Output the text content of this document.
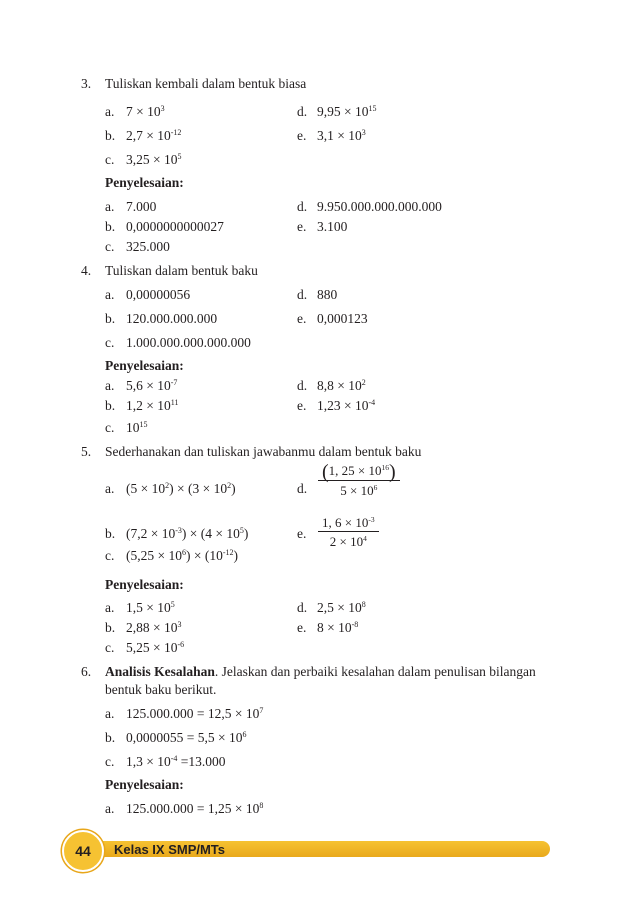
3. Tuliskan kembali dalam bentuk biasa
a. $7 \times 10^3$	d. $9,95 \times 10^{15}$
b. $2,7 \times 10^{-12}$	e. $3,1 \times 10^3$
c. $3,25 \times 10^5$
Penyelesaian:
a. 7.000	d. 9.950.000.000.000.000
b. 0,0000000000027	e. 3.100
c. 325.000
4. Tuliskan dalam bentuk baku
a. 0,00000056	d. 880
b. 120.000.000.000	e. 0,000123
c. 1.000.000.000.000.000
Penyelesaian:
a. $5,6 \times 10^{-7}$	d. $8,8 \times 10^2$
b. $1,2 \times 10^{11}$	e. $1,23 \times 10^{-4}$
c. $10^{15}$
5. Sederhanakan dan tuliskan jawabanmu dalam bentuk baku
a. $(5 \times 10^2) \times (3 \times 10^2)$	d. $\frac{(1, 25 \times 10^{16})}{5 \times 10^6}$
b. $(7,2 \times 10^{-3}) \times (4 \times 10^5)$	e. $\frac{1, 6 \times 10^{-3}}{2 \times 10^4}$
c. $(5,25 \times 10^6) \times (10^{-12})$
Penyelesaian:
a. $1,5 \times 10^5$	d. $2,5 \times 10^8$
b. $2,88 \times 10^3$	e. $8 \times 10^{-8}$
c. $5,25 \times 10^{-6}$
6. Analisis Kesalahan. Jelaskan dan perbaiki kesalahan dalam penulisan bilangan
bentuk baku berikut.
a. $125.000.000 = 12,5 \times 10^7$
b. $0,0000055 = 5,5 \times 10^6$
c. $1,3 \times 10^{-4} =13.000$
Penyelesaian:
a. $125.000.000 = 1,25 \times 10^8$
44 Kelas IX SMP/MTs
